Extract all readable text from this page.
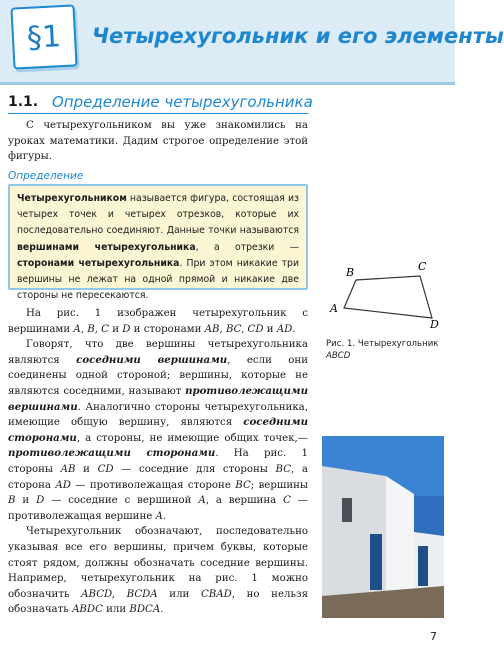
§1	Четырехугольник и его элементы
1.1. Определение четырехугольника
С четырехугольником вы уже знакомились на уроках математики. Дадим строгое определение этой фигуры.
Определение
Четырехугольником называется фигура, состоящая из четырех точек и четырех отрезков, которые их последовательно соединяют. Данные точки называются вершинами четырехугольника, а отрезки — сторонами четырехугольника. При этом никакие три вершины не лежат на одной прямой и никакие две стороны не пересекаются.
A
B	C
D
Рис. 1. Четырехугольник ABCD
На рис. 1 изображен четырехугольник с вершинами A, B, C и D и сторонами AB, BC, CD и AD.
Говорят, что две вершины четырехугольника являются соседними вершинами, если они соединены одной стороной; вершины, которые не являются соседними, называют противолежащими вершинами. Аналогично стороны четырехугольника, имеющие общую вершину, являются соседними сторонами, а стороны, не имеющие общих точек,— противолежащими сторонами. На рис. 1 стороны AB и CD — соседние для стороны BC, а сторона AD — противолежащая стороне BC; вершины B и D — соседние с вершиной A, а вершина C — противолежащая вершине A.
Четырехугольник обозначают, последовательно указывая все его вершины, причем буквы, которые стоят рядом, должны обозначать соседние вершины. Например, четырехугольник на рис. 1 можно обозначить ABCD, BCDA или CBAD, но нельзя обозначать ABDC или BDCA.
7
